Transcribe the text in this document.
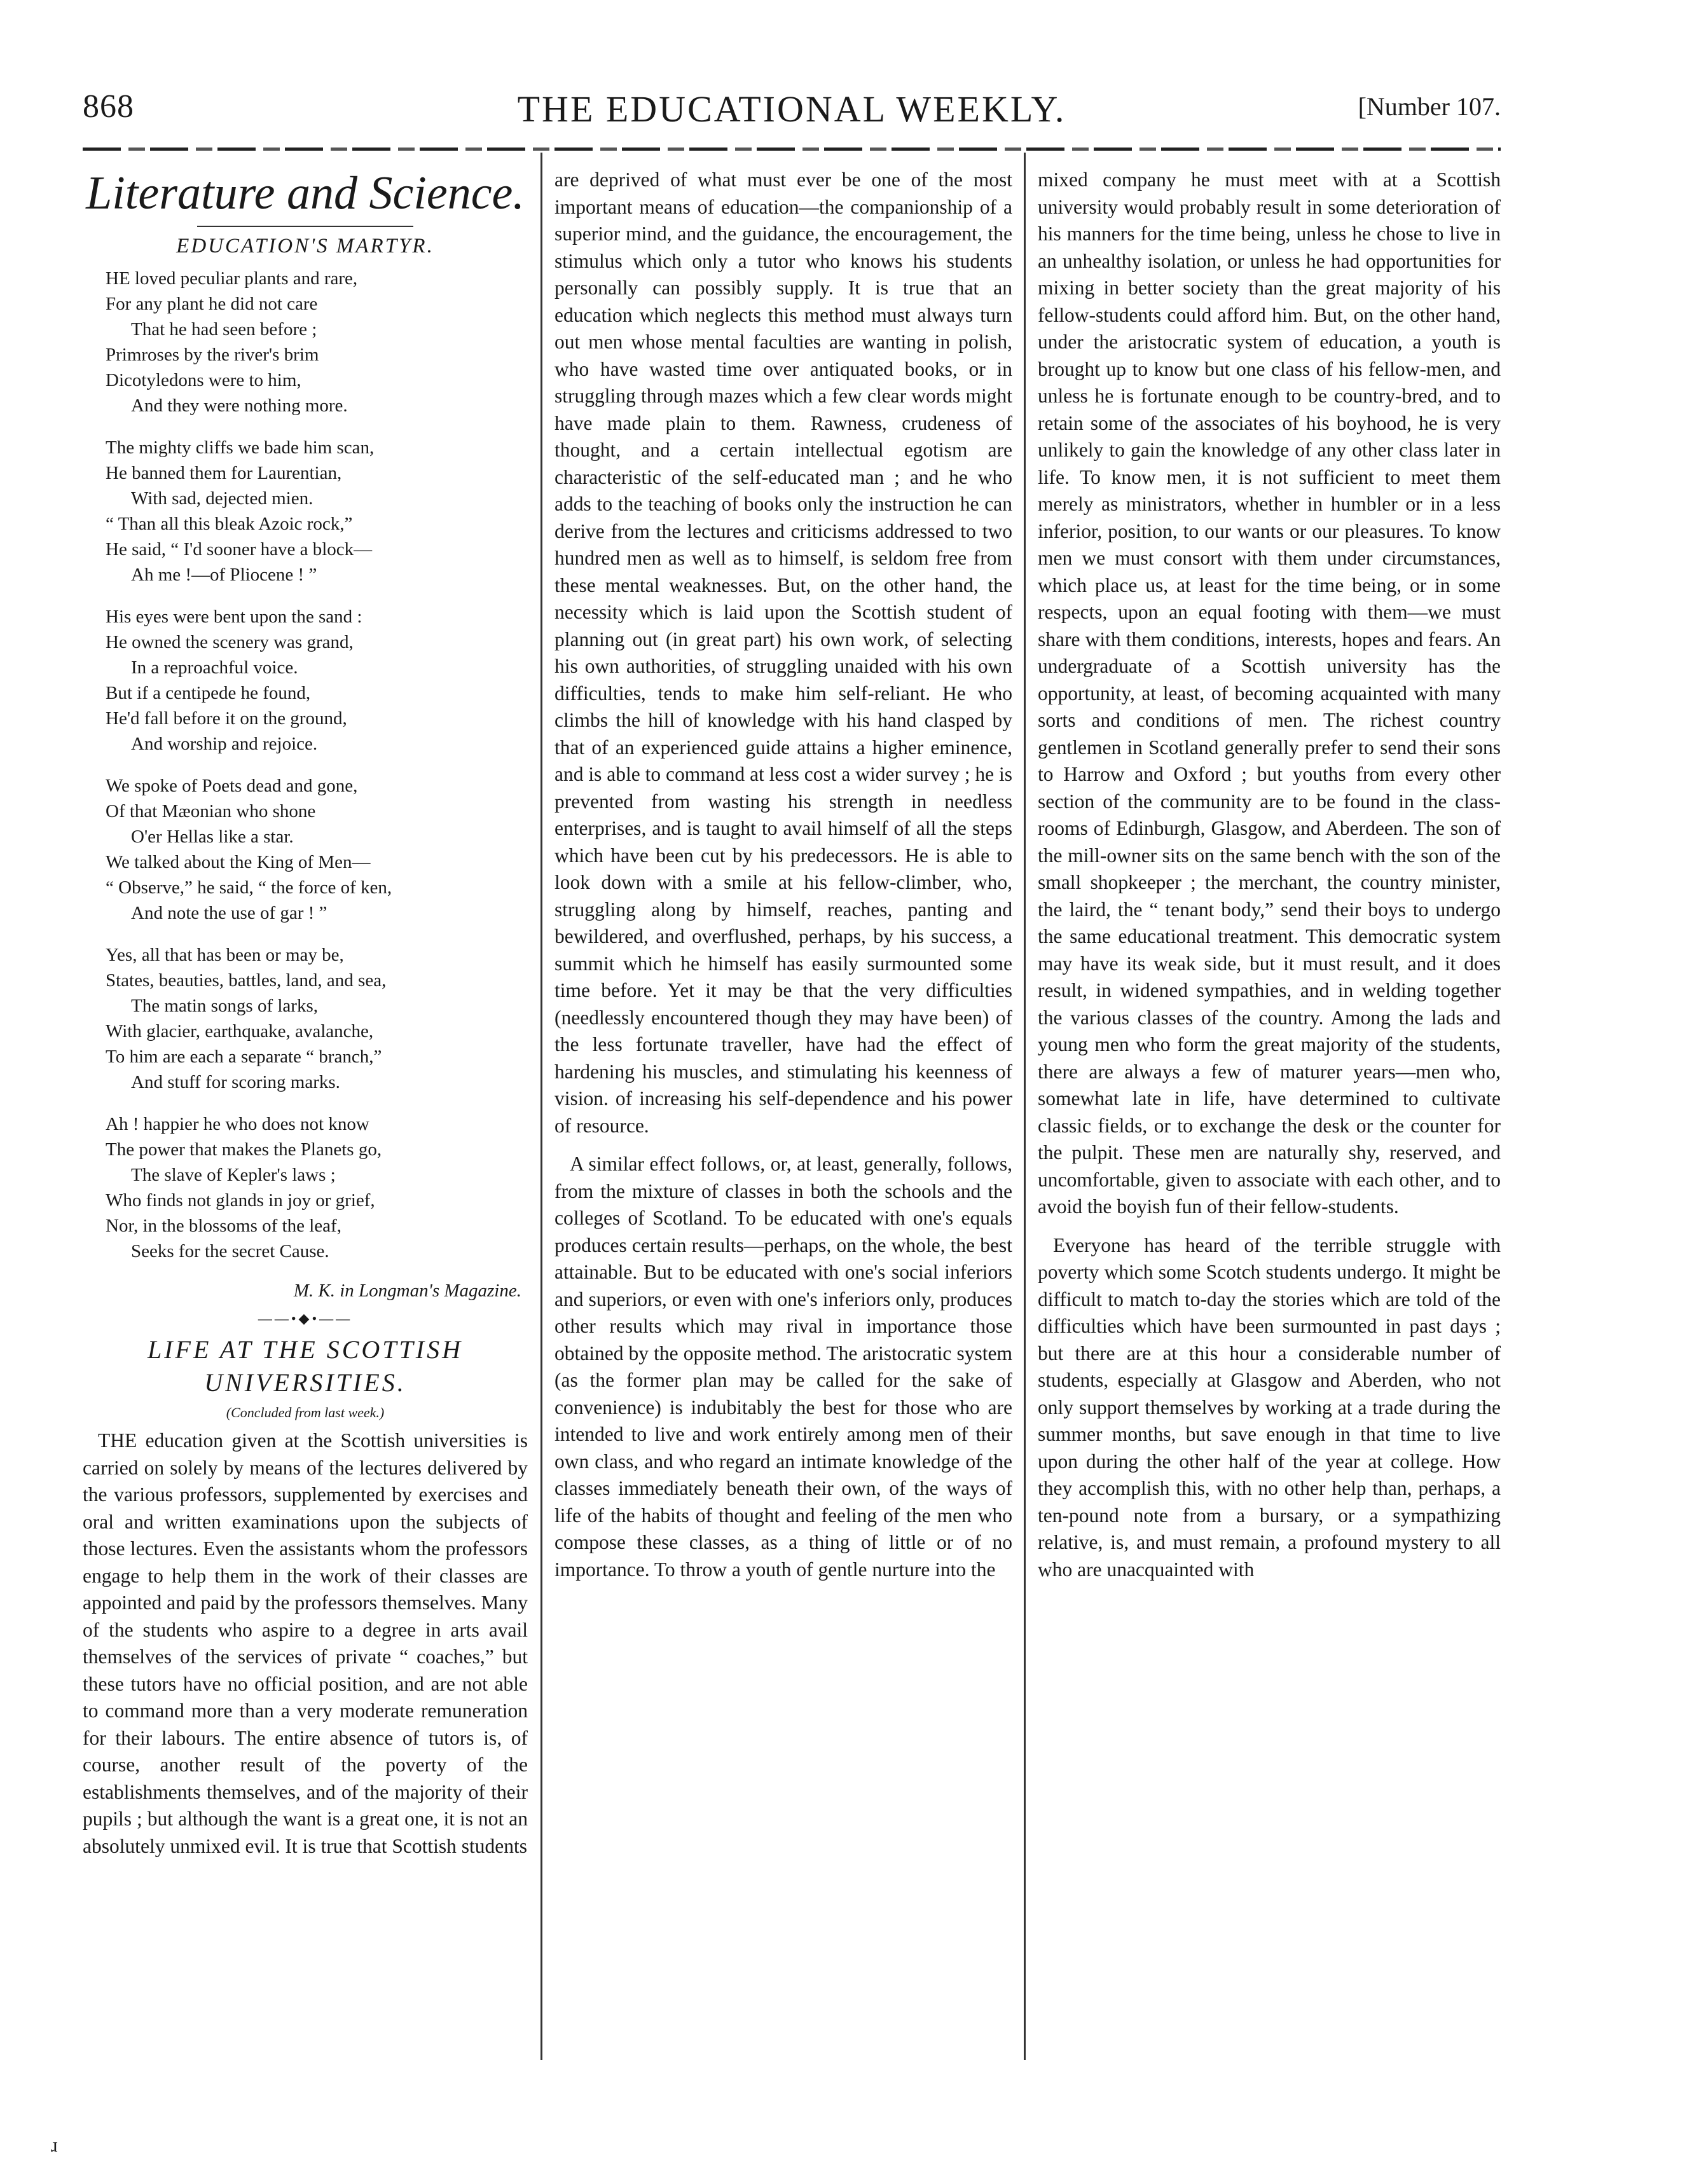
868	THE EDUCATIONAL WEEKLY.	[Number 107.
Literature and Science.
EDUCATION'S MARTYR.
HE loved peculiar plants and rare,
For any plant he did not care
That he had seen before ;
Primroses by the river's brim
Dicotyledons were to him,
And they were nothing more.
The mighty cliffs we bade him scan,
He banned them for Laurentian,
With sad, dejected mien.
“ Than all this bleak Azoic rock,”
He said, “ I'd sooner have a block—
Ah me !—of Pliocene ! ”
His eyes were bent upon the sand :
He owned the scenery was grand,
In a reproachful voice.
But if a centipede he found,
He'd fall before it on the ground,
And worship and rejoice.
We spoke of Poets dead and gone,
Of that Mæonian who shone
O'er Hellas like a star.
We talked about the King of Men—
“ Observe,” he said, “ the force of ken,
And note the use of gar ! ”
Yes, all that has been or may be,
States, beauties, battles, land, and sea,
The matin songs of larks,
With glacier, earthquake, avalanche,
To him are each a separate “ branch,”
And stuff for scoring marks.
Ah ! happier he who does not know
The power that makes the Planets go,
The slave of Kepler's laws ;
Who finds not glands in joy or grief,
Nor, in the blossoms of the leaf,
Seeks for the secret Cause.
M. K. in Longman's Magazine.
——•◆•——
LIFE AT THE SCOTTISH UNIVERSITIES.
(Concluded from last week.)

THE education given at the Scottish universities is carried on solely by means of the lectures delivered by the various professors, supplemented by exercises and oral and written examinations upon the subjects of those lectures. Even the assistants whom the professors engage to help them in the work of their classes are appointed and paid by the professors themselves. Many of the students who aspire to a degree in arts avail themselves of the services of private “ coaches,” but these tutors have no official position, and are not able to command more than a very moderate remuneration for their labours. The entire absence of tutors is, of course, another result of the poverty of the establishments themselves, and of the majority of their pupils ; but although the want is a great one, it is not an absolutely unmixed evil. It is true that Scottish students

are deprived of what must ever be one of the most important means of education—the companionship of a superior mind, and the guidance, the encouragement, the stimulus which only a tutor who knows his students personally can possibly supply. It is true that an education which neglects this method must always turn out men whose mental faculties are wanting in polish, who have wasted time over antiquated books, or in struggling through mazes which a few clear words might have made plain to them. Rawness, crudeness of thought, and a certain intellectual egotism are characteristic of the self-educated man ; and he who adds to the teaching of books only the instruction he can derive from the lectures and criticisms addressed to two hundred men as well as to himself, is seldom free from these mental weaknesses. But, on the other hand, the necessity which is laid upon the Scottish student of planning out (in great part) his own work, of selecting his own authorities, of struggling unaided with his own difficulties, tends to make him self-reliant. He who climbs the hill of knowledge with his hand clasped by that of an experienced guide attains a higher eminence, and is able to command at less cost a wider survey ; he is prevented from wasting his strength in needless enterprises, and is taught to avail himself of all the steps which have been cut by his predecessors. He is able to look down with a smile at his fellow-climber, who, struggling along by himself, reaches, panting and bewildered, and overflushed, perhaps, by his success, a summit which he himself has easily surmounted some time before. Yet it may be that the very difficulties (needlessly encountered though they may have been) of the less fortunate traveller, have had the effect of hardening his muscles, and stimulating his keenness of vision. of increasing his self-dependence and his power of resource.

A similar effect follows, or, at least, generally, follows, from the mixture of classes in both the schools and the colleges of Scotland. To be educated with one's equals produces certain results—perhaps, on the whole, the best attainable. But to be educated with one's social inferiors and superiors, or even with one's inferiors only, produces other results which may rival in importance those obtained by the opposite method. The aristocratic system (as the former plan may be called for the sake of convenience) is indubitably the best for those who are intended to live and work entirely among men of their own class, and who regard an intimate knowledge of the classes immediately beneath their own, of the ways of life of the habits of thought and feeling of the men who compose these classes, as a thing of little or of no importance. To throw a youth of gentle nurture into the

mixed company he must meet with at a Scottish university would probably result in some deterioration of his manners for the time being, unless he chose to live in an unhealthy isolation, or unless he had opportunities for mixing in better society than the great majority of his fellow-students could afford him. But, on the other hand, under the aristocratic system of education, a youth is brought up to know but one class of his fellow-men, and unless he is fortunate enough to be country-bred, and to retain some of the associates of his boyhood, he is very unlikely to gain the knowledge of any other class later in life. To know men, it is not sufficient to meet them merely as ministrators, whether in humbler or in a less inferior, position, to our wants or our pleasures. To know men we must consort with them under circumstances, which place us, at least for the time being, or in some respects, upon an equal footing with them—we must share with them conditions, interests, hopes and fears. An undergraduate of a Scottish university has the opportunity, at least, of becoming acquainted with many sorts and conditions of men. The richest country gentlemen in Scotland generally prefer to send their sons to Harrow and Oxford ; but youths from every other section of the community are to be found in the class-rooms of Edinburgh, Glasgow, and Aberdeen. The son of the mill-owner sits on the same bench with the son of the small shopkeeper ; the merchant, the country minister, the laird, the “ tenant body,” send their boys to undergo the same educational treatment. This democratic system may have its weak side, but it must result, and it does result, in widened sympathies, and in welding together the various classes of the country. Among the lads and young men who form the great majority of the students, there are always a few of maturer years—men who, somewhat late in life, have determined to cultivate classic fields, or to exchange the desk or the counter for the pulpit. These men are naturally shy, reserved, and uncomfortable, given to associate with each other, and to avoid the boyish fun of their fellow-students.

Everyone has heard of the terrible struggle with poverty which some Scotch students undergo. It might be difficult to match to-day the stories which are told of the difficulties which have been surmounted in past days ; but there are at this hour a considerable number of students, especially at Glasgow and Aberden, who not only support themselves by working at a trade during the summer months, but save enough in that time to live upon during the other half of the year at college. How they accomplish this, with no other help than, perhaps, a ten-pound note from a bursary, or a sympathizing relative, is, and must remain, a profound mystery to all who are unacquainted with

ɹ
